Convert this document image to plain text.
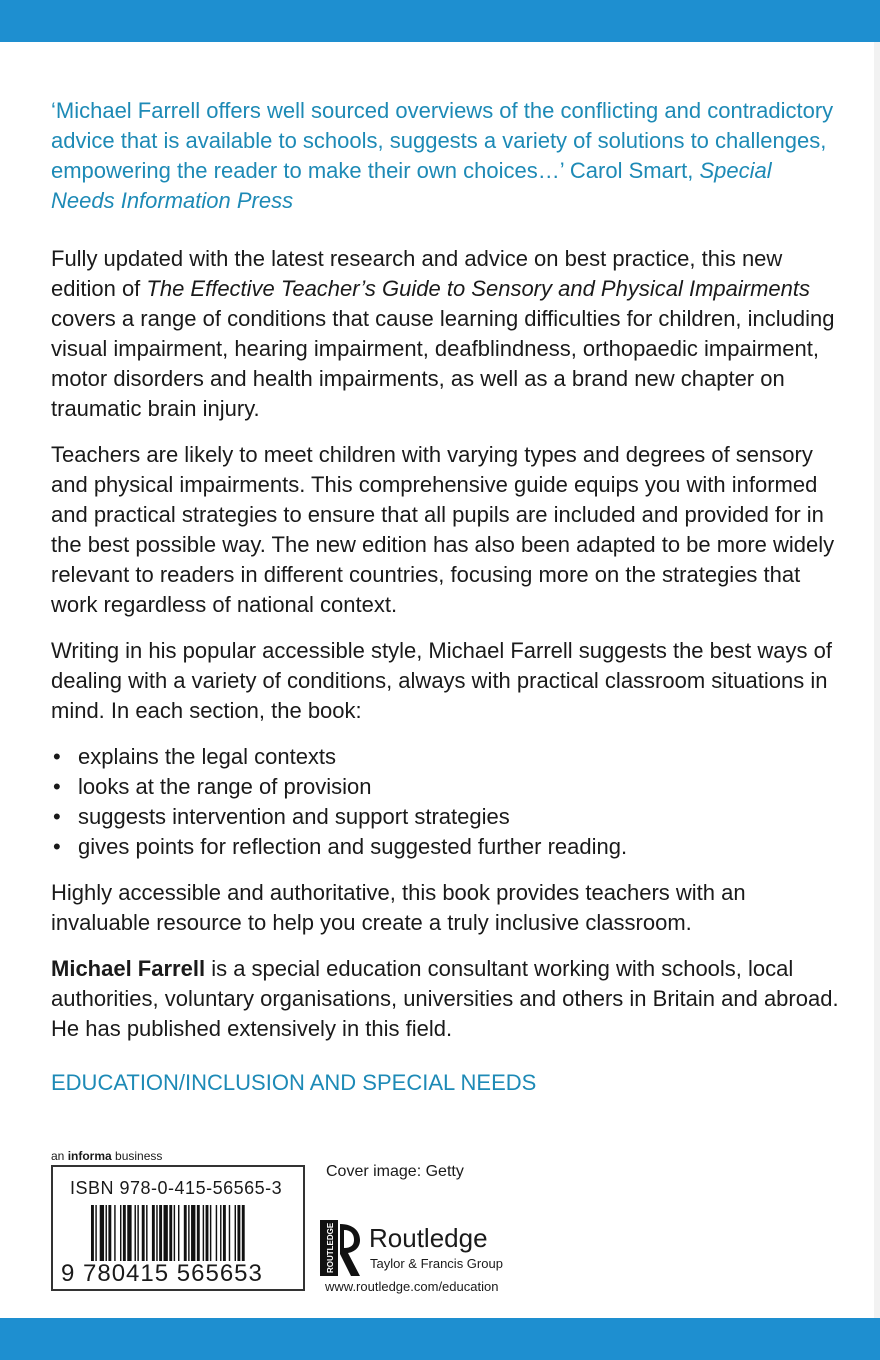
‘Michael Farrell offers well sourced overviews of the conflicting and contradictory advice that is available to schools, suggests a variety of solutions to challenges, empowering the reader to make their own choices…’ Carol Smart, Special Needs Information Press

Fully updated with the latest research and advice on best practice, this new edition of The Effective Teacher’s Guide to Sensory and Physical Impairments covers a range of conditions that cause learning difficulties for children, including visual impairment, hearing impairment, deafblindness, orthopaedic impairment, motor disorders and health impairments, as well as a brand new chapter on traumatic brain injury.

Teachers are likely to meet children with varying types and degrees of sensory and physical impairments. This comprehensive guide equips you with informed and practical strategies to ensure that all pupils are included and provided for in the best possible way. The new edition has also been adapted to be more widely relevant to readers in different countries, focusing more on the strategies that work regardless of national context.

Writing in his popular accessible style, Michael Farrell suggests the best ways of dealing with a variety of conditions, always with practical classroom situations in mind. In each section, the book:

• explains the legal contexts
• looks at the range of provision
• suggests intervention and support strategies
• gives points for reflection and suggested further reading.

Highly accessible and authoritative, this book provides teachers with an invaluable resource to help you create a truly inclusive classroom.

Michael Farrell is a special education consultant working with schools, local authorities, voluntary organisations, universities and others in Britain and abroad. He has published extensively in this field.

EDUCATION/INCLUSION AND SPECIAL NEEDS

an informa business
ISBN 978-0-415-56565-3
9 780415 565653
Cover image: Getty
ROUTLEDGE Routledge
Taylor & Francis Group
www.routledge.com/education
